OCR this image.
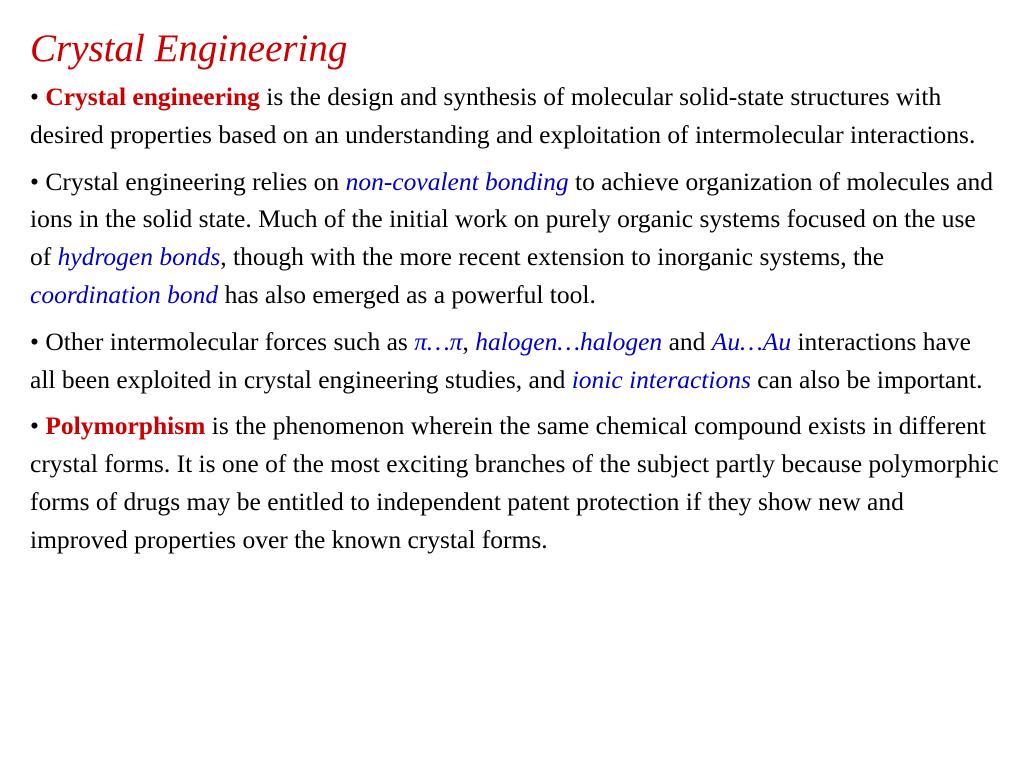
Crystal Engineering

• Crystal engineering is the design and synthesis of molecular solid-state structures with desired properties based on an understanding and exploitation of intermolecular interactions.

• Crystal engineering relies on non-covalent bonding to achieve organization of molecules and ions in the solid state. Much of the initial work on purely organic systems focused on the use of hydrogen bonds, though with the more recent extension to inorganic systems, the coordination bond has also emerged as a powerful tool.

• Other intermolecular forces such as π…π, halogen…halogen and Au…Au interactions have all been exploited in crystal engineering studies, and ionic interactions can also be important.

• Polymorphism is the phenomenon wherein the same chemical compound exists in different crystal forms. It is one of the most exciting branches of the subject partly because polymorphic forms of drugs may be entitled to independent patent protection if they show new and improved properties over the known crystal forms.
